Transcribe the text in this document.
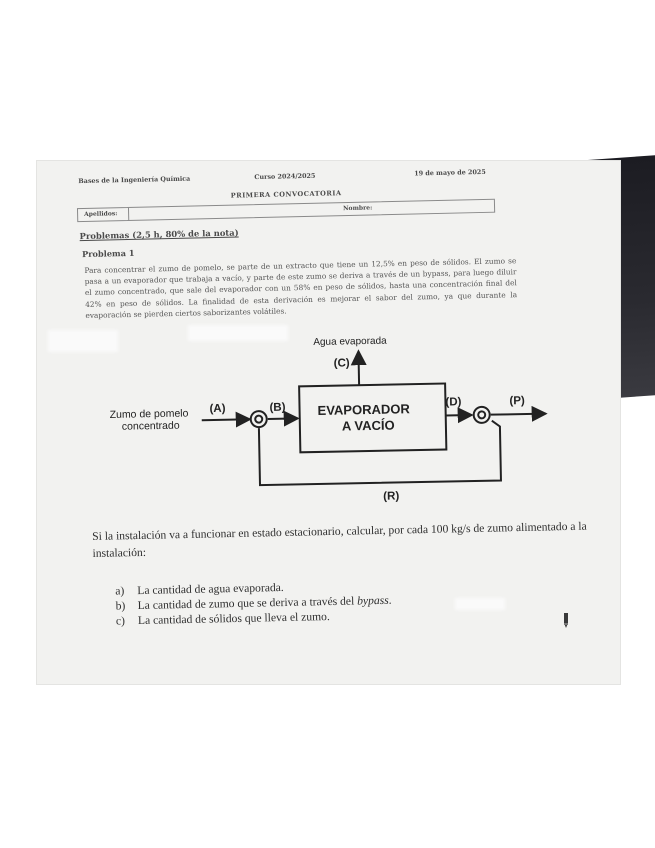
Bases de la Ingeniería Química	Curso 2024/2025	19 de mayo de 2025
PRIMERA CONVOCATORIA
Apellidos:
Nombre:
Problemas (2,5 h, 80% de la nota)
Problema 1
Para concentrar el zumo de pomelo, se parte de un extracto que tiene un 12,5% en peso de sólidos. El zumo se pasa a un evaporador que trabaja a vacío, y parte de este zumo se deriva a través de un bypass, para luego diluir el zumo concentrado, que sale del evaporador con un 58% en peso de sólidos, hasta una concentración final del 42% en peso de sólidos. La finalidad de esta derivación es mejorar el sabor del zumo, ya que durante la evaporación se pierden ciertos saborizantes volátiles.
Zumo de pomelo
concentrado
(A)	(B)
Agua evaporada
(C)
EVAPORADOR
A VACÍO
(D)	(P)
(R)

Si la instalación va a funcionar en estado estacionario, calcular, por cada 100 kg/s de zumo alimentado a la instalación:

a) La cantidad de agua evaporada.
b) La cantidad de zumo que se deriva a través del bypass.
c) La cantidad de sólidos que lleva el zumo.
